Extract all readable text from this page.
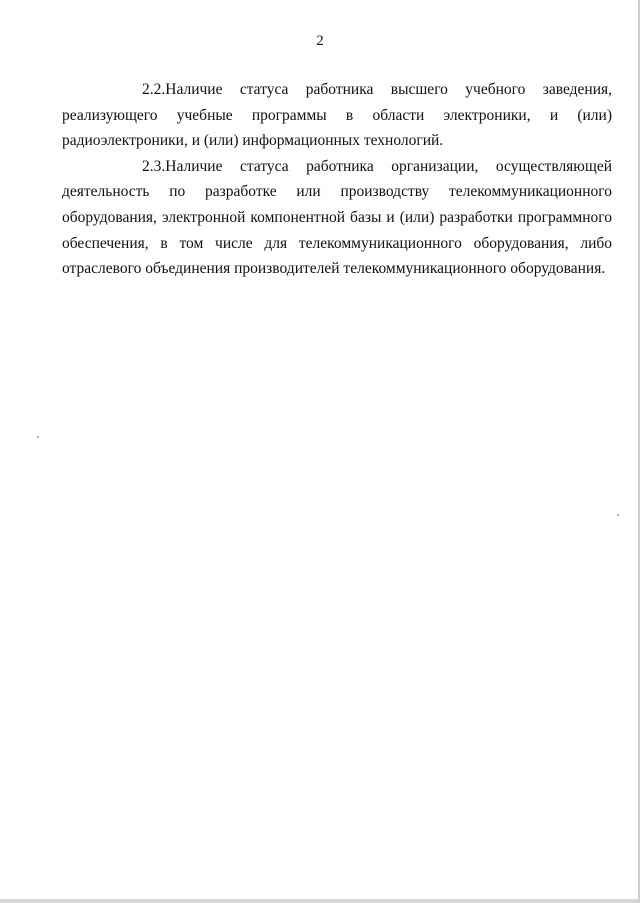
2

2.2.Наличие статуса работника высшего учебного заведения, реализующего учебные программы в области электроники, и (или) радиоэлектроники, и (или) информационных технологий.

2.3.Наличие статуса работника организации, осуществляющей деятельность по разработке или производству телекоммуникационного оборудования, электронной компонентной базы и (или) разработки программного обеспечения, в том числе для телекоммуникационного оборудования, либо отраслевого объединения производителей телекоммуникационного оборудования.
